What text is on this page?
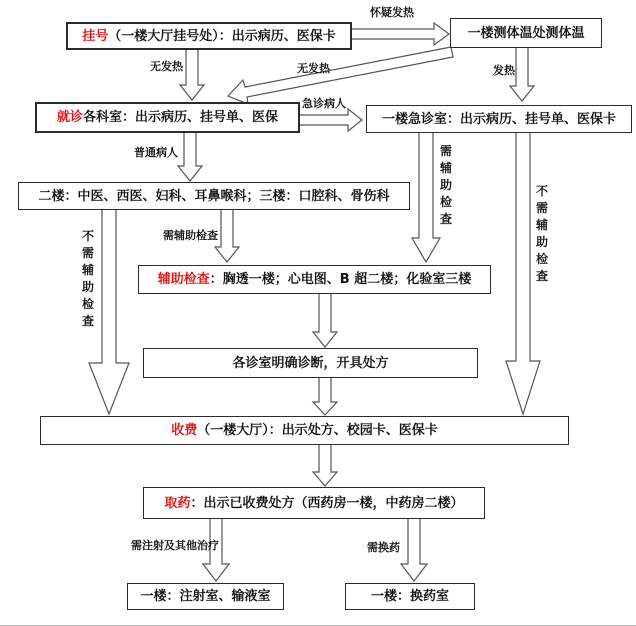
挂号 （一楼大厅挂号处）：出示病历、医保卡	一楼测体温处测体温
就诊 各科室：出示病历、挂号单、医保	一楼急诊室：出示病历、挂号单、医保卡
二楼：中医、西医、妇科、耳鼻喉科；三楼：口腔科、骨伤科
辅助检查 ：胸透一楼；心电图、B 超二楼；化验室三楼
各诊室明确诊断，开具处方
收费 （一楼大厅）：出示处方、校园卡、医保卡
取药 ：出示已收费处方（西药房一楼，中药房二楼）
一楼：注射室、输液室	一楼：换药室
怀疑发热
无发热	无发热	发热
急诊病人
普通病人
需辅助检查
需注射及其他治疗	需换药
不需辅助检查
需辅助检查
不需辅助检查
